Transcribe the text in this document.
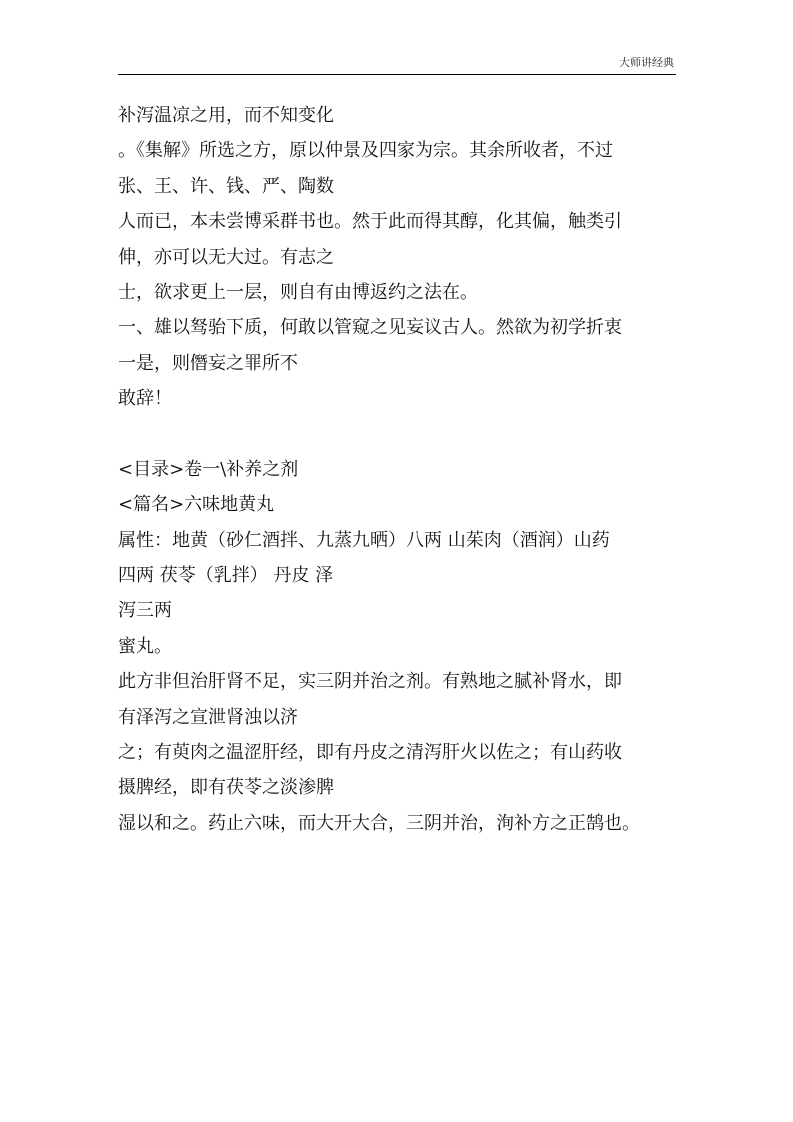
大师讲经典
补泻温凉之用，而不知变化
。《集解》所选之方，原以仲景及四家为宗。其余所收者，不过
张、王、许、钱、严、陶数
人而已，本未尝博采群书也。然于此而得其醇，化其偏，触类引
伸，亦可以无大过。有志之
士，欲求更上一层，则自有由博返约之法在。
一、雄以驽骀下质，何敢以管窥之见妄议古人。然欲为初学折衷
一是，则僭妄之罪所不
敢辞！
<目录>卷一\补养之剂
<篇名>六味地黄丸
属性：地黄（砂仁酒拌、九蒸九晒）八两 山茱肉（酒润）山药
四两 茯苓（乳拌） 丹皮 泽
泻三两
蜜丸。
此方非但治肝肾不足，实三阴并治之剂。有熟地之腻补肾水，即
有泽泻之宣泄肾浊以济
之；有萸肉之温涩肝经，即有丹皮之清泻肝火以佐之；有山药收
摄脾经，即有茯苓之淡渗脾
湿以和之。药止六味，而大开大合，三阴并治，洵补方之正鹄也。
